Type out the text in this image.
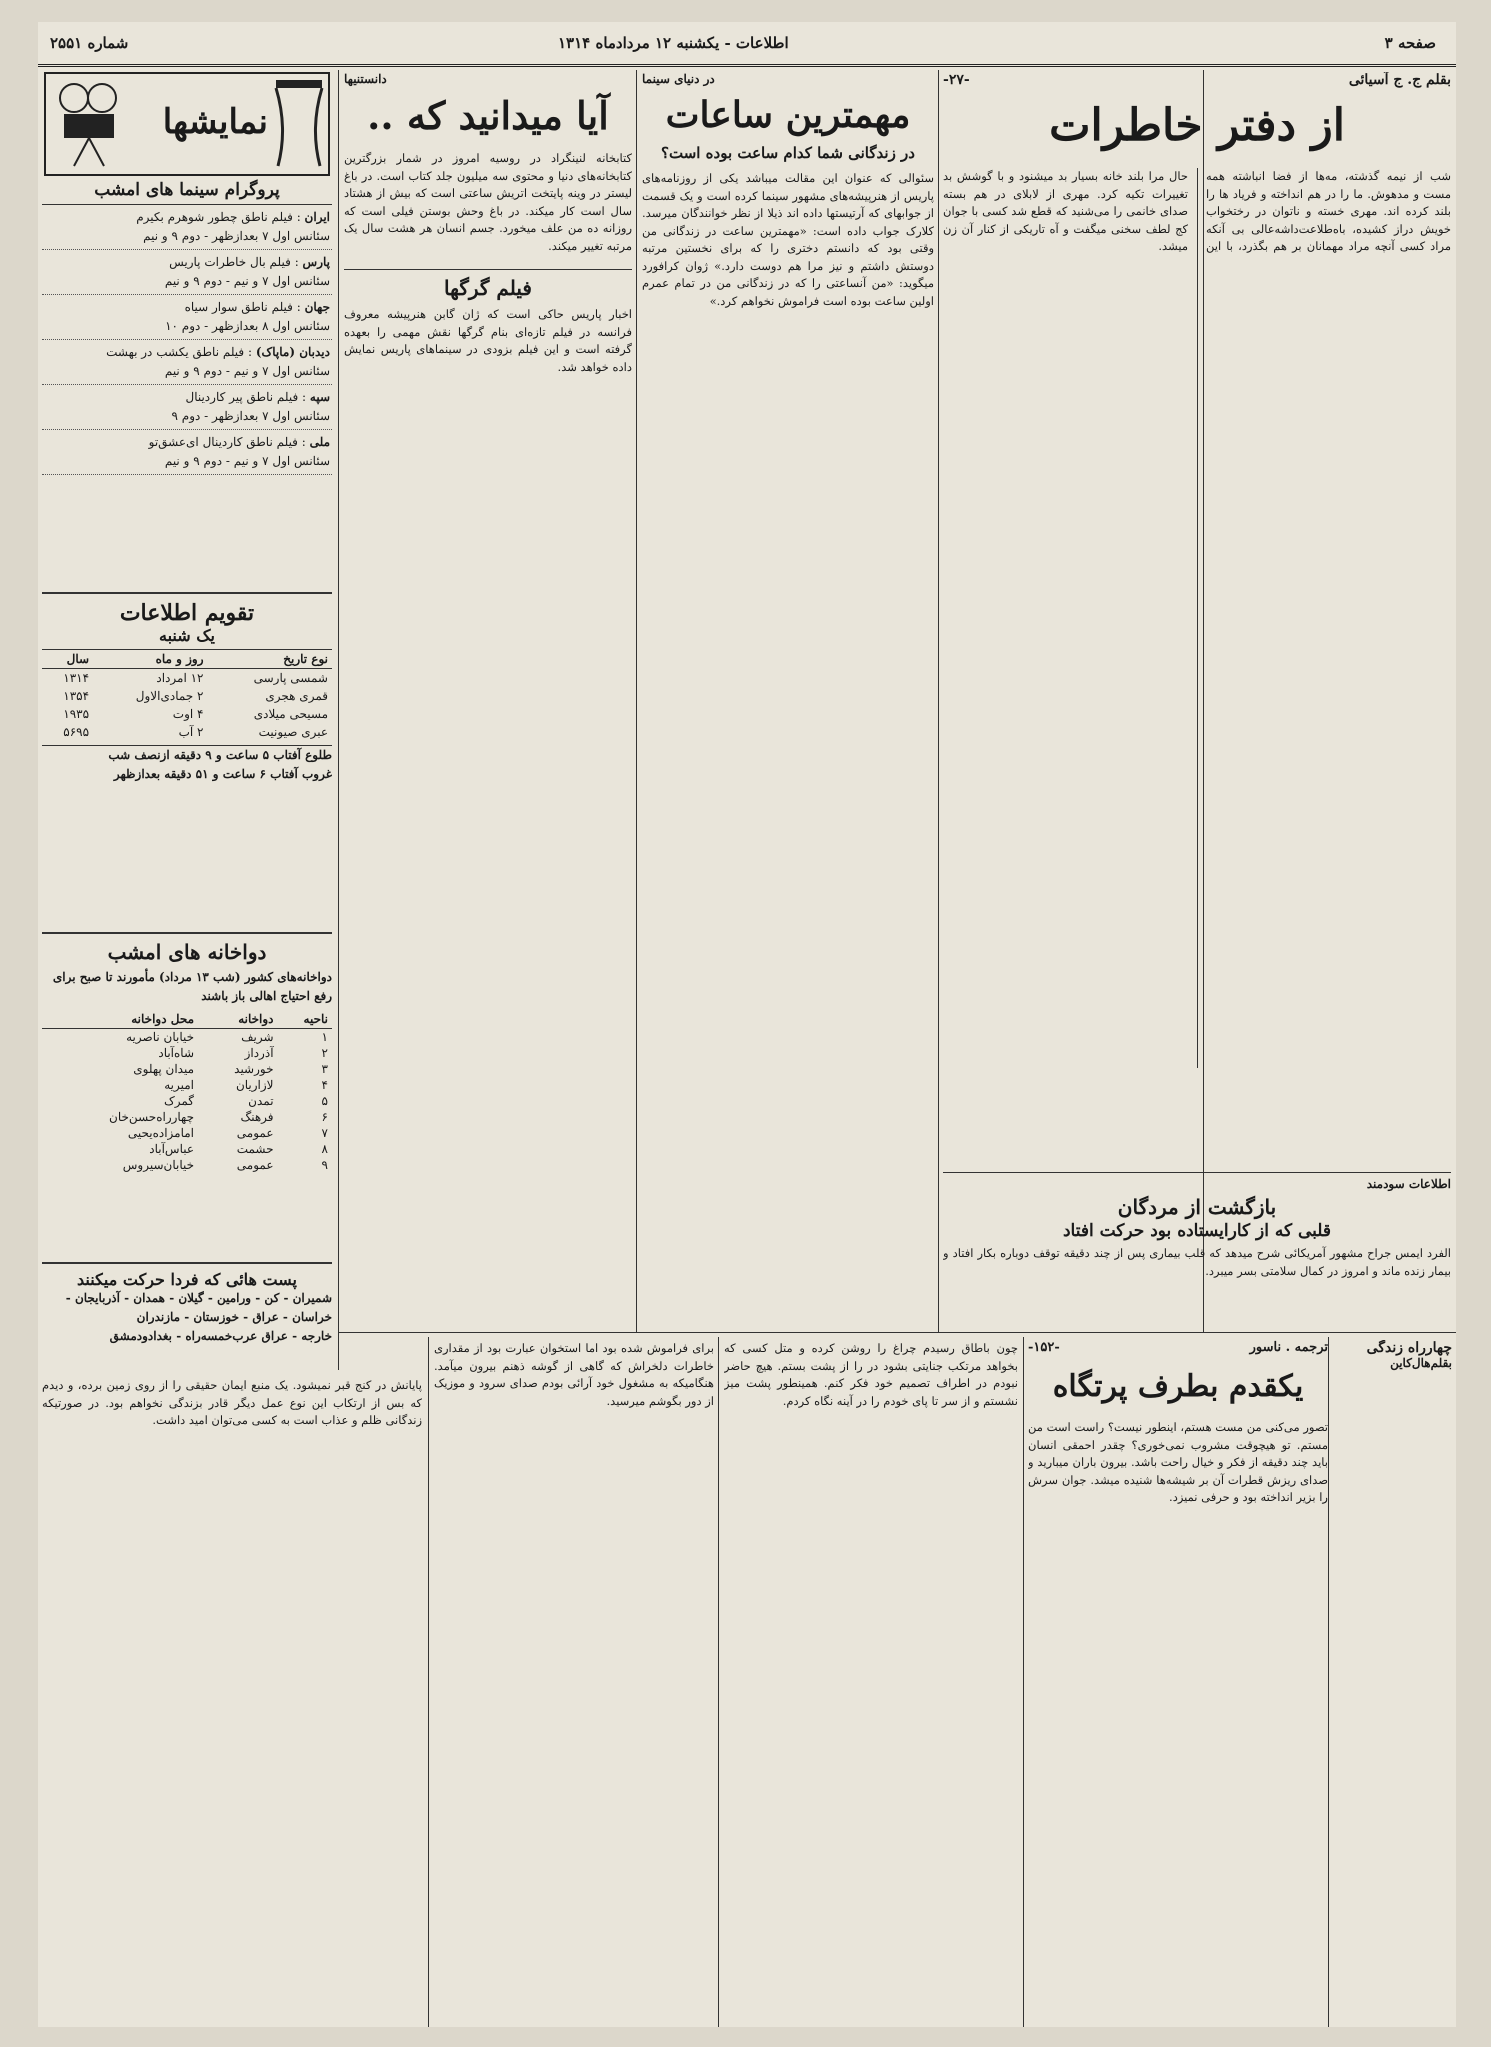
صفحه ۳
اطلاعات - یکشنبه ۱۲ مردادماه ۱۳۱۴
شماره ۲۵۵۱
بقلم ج. ج آسیائی
-۲۷-
از دفتر خاطرات
شب از نیمه گذشته، مه‌ها از فضا انباشته همه مست و مدهوش. ما را در هم انداخته و فریاد ها را بلند کرده اند. مهری خسته و ناتوان در رختخواب خویش دراز کشیده، باه‌طلاعت‌داشه‌عالی بی آنکه مراد کسی آنچه مراد مهمانان بر هم بگذرد، با این حال مرا بلند خانه بسیار بد میشنود و با گوشش بد تغییرات تکیه کرد. مهری از لابلای در هم بسته صدای خانمی را می‌شنید که قطع شد کسی با جوان کج لطف سخنی میگفت و آه تاریکی از کنار آن زن میشد.
اطلاعات سودمند
بازگشت از مردگان
قلبی که از کارایستاده بود حرکت افتاد
الفرد ایمس جراح مشهور آمریکائی شرح میدهد که قلب بیماری پس از چند دقیقه توقف دوباره بکار افتاد و بیمار زنده ماند و امروز در کمال سلامتی بسر میبرد.
در دنیای سینما
مهمترین ساعات
در زندگانی شما کدام ساعت بوده است؟
سئوالی که عنوان این مقالت میباشد یکی از روزنامه‌های پاریس از هنرپیشه‌های مشهور سینما کرده است و یک قسمت از جوابهای که آرتیستها داده اند ذیلا از نظر خوانندگان میرسد. کلارک جواب داده است: «مهمترین ساعت در زندگانی من وقتی بود که دانستم دختری را که برای نخستین مرتبه دوستش داشتم و نیز مرا هم دوست دارد.» ژوان کرافورد میگوید: «من آنساعتی را که در زندگانی من در تمام عمرم اولین ساعت بوده است فراموش نخواهم کرد.»
دانستنیها
آیا میدانید که ..
کتابخانه لنینگراد در روسیه امروز در شمار بزرگترین کتابخانه‌های دنیا و محتوی سه میلیون جلد کتاب است. در باغ لیستر در وینه پایتخت اتریش ساعتی است که بیش از هشتاد سال است کار میکند. در باغ وحش بوستن فیلی است که روزانه ده من علف میخورد. جسم انسان هر هشت سال یک مرتبه تغییر میکند.
فیلم گرگها
اخبار پاریس حاکی است که ژان گابن هنرپیشه معروف فرانسه در فیلم تازه‌ای بنام گرگها نقش مهمی را بعهده گرفته است و این فیلم بزودی در سینماهای پاریس نمایش داده خواهد شد.
نمایشها
پروگرام سینما های امشب
ایران : فیلم ناطق چطور شوهرم بکیرم
سئانس اول ۷ بعدازظهر - دوم ۹ و نیم
پارس : فیلم بال خاطرات پاریس
سئانس اول ۷ و نیم - دوم ۹ و نیم
جهان : فیلم ناطق سوار سیاه
سئانس اول ۸ بعدازظهر - دوم ۱۰
دیدبان (ماپاک) : فیلم ناطق یکشب در بهشت
سئانس اول ۷ و نیم - دوم ۹ و نیم
سپه : فیلم ناطق پیر کاردینال
سئانس اول ۷ بعدازظهر - دوم ۹
ملی : فیلم ناطق کاردینال ای‌عشق‌تو
سئانس اول ۷ و نیم - دوم ۹ و نیم
تقویم اطلاعات
یک شنبه
نوع تاریخ	روز و ماه	سال
شمسی پارسی	۱۲ امرداد	۱۳۱۴
قمری هجری	۲ جمادی‌الاول	۱۳۵۴
مسیحی میلادی	۴ اوت	۱۹۳۵
عبری صیونیت	۲ آب	۵۶۹۵
طلوع آفتاب ۵ ساعت و ۹ دقیقه ازنصف شب
غروب آفتاب ۶ ساعت و ۵۱ دقیقه بعدازظهر
دواخانه های امشب
دواخانه‌های کشور (شب ۱۳ مرداد) مأمورند تا صبح برای رفع احتیاج اهالی باز باشند
ناحیه	دواخانه	محل دواخانه
۱	شریف	خیابان ناصریه
۲	آذرداز	شاه‌آباد
۳	خورشید	میدان پهلوی
۴	لازاریان	امیریه
۵	تمدن	گمرک
۶	فرهنگ	چهارراه‌حسن‌خان
۷	عمومی	امامزاده‌یحیی
۸	حشمت	عباس‌آباد
۹	عمومی	خیابان‌سیروس
پست هائی که فردا حرکت میکنند
شمیران - کن - ورامین - گیلان - همدان - آذربایجان - خراسان - عراق - خوزستان - مازندران
خارجه - عراق عرب‌خمسه‌راه - بغدادودمشق
چهارراه زندگی
بقلم‌هال‌کاین
ترجمه . ناسور
-۱۵۲-
یکقدم بطرف پرتگاه
تصور می‌کنی من مست هستم، اینطور نیست؟ راست است من مستم. تو هیچوقت مشروب نمی‌خوری؟ چقدر احمقی انسان باید چند دقیقه از فکر و خیال راحت باشد. بیرون باران میبارید و صدای ریزش قطرات آن بر شیشه‌ها شنیده میشد. جوان سرش را بزیر انداخته بود و حرفی نمیزد.
چون باطاق رسیدم چراغ را روشن کرده و متل کسی که بخواهد مرتکب جنایتی بشود در را از پشت بستم. هیچ حاضر نبودم در اطراف تصمیم خود فکر کنم. همینطور پشت میز نشستم و از سر تا پای خودم را در آینه نگاه کردم.
برای فراموش شده بود اما استخوان عبارت بود از مقداری خاطرات دلخراش که گاهی از گوشه ذهنم بیرون میآمد. هنگامیکه به مشغول خود آرائی بودم صدای سرود و موزیک از دور بگوشم میرسید.
پایانش در کنج قبر نمیشود. یک منبع ایمان حقیقی را از روی زمین برده، و دیدم که بس از ارتکاب این نوع عمل دیگر قادر بزندگی نخواهم بود. در صورتیکه زندگانی ظلم و عذاب است به کسی می‌توان امید داشت.
